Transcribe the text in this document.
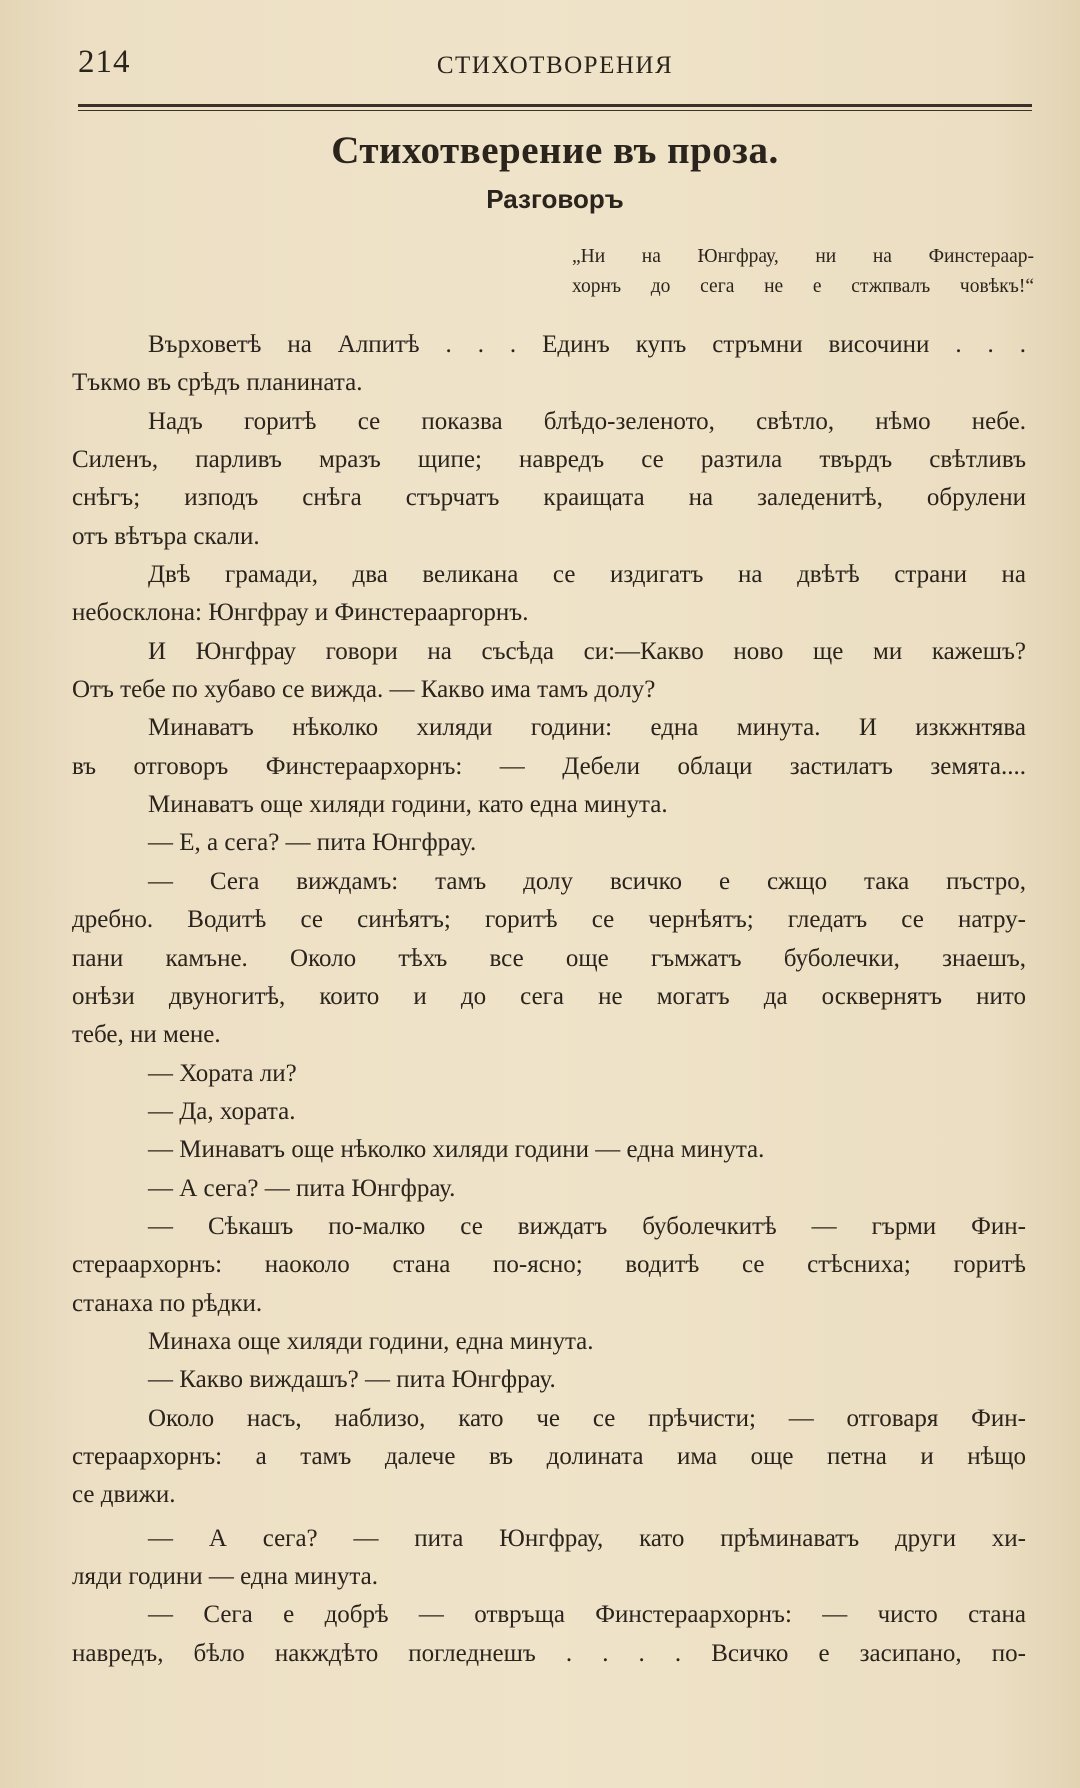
214	СТИХОТВОРЕНИЯ
Стихотверение въ проза.
Разговоръ
„Ни на Юнгфрау, ни на Финстераар-
хорнъ до сега не е стжпвалъ човѣкъ!“
Върховетѣ на Алпитѣ . . . Единъ купъ стръмни височини . . .
Тъкмо въ срѣдъ планината.
Надъ горитѣ се показва блѣдо-зеленото, свѣтло, нѣмо небе.
Силенъ, парливъ мразъ щипе; навредъ се разтила твърдъ свѣтливъ
снѣгъ; изподъ снѣга стърчатъ краищата на заледенитѣ, обрулени
отъ вѣтъра скали.
Двѣ грамади, два великана се издигатъ на двѣтѣ страни на
небосклона: Юнгфрау и Финстерааргорнъ.
И Юнгфрау говори на съсѣда си:—Какво ново ще ми кажешъ?
Отъ тебе по хубаво се вижда. — Какво има тамъ долу?
Минаватъ нѣколко хиляди години: една минута. И изкжнтява
въ отговоръ Финстераархорнъ: — Дебели облаци застилатъ земята....
Минаватъ още хиляди години, като една минута.
— Е, а сега? — пита Юнгфрау.
— Сега виждамъ: тамъ долу всичко е сжщо така пъстро,
дребно. Водитѣ се синѣятъ; горитѣ се чернѣятъ; гледатъ се натру-
пани камъне. Около тѣхъ все още гъмжатъ буболечки, знаешъ,
онѣзи двуногитѣ, които и до сега не могатъ да осквернятъ нито
тебе, ни мене.
— Хората ли?
— Да, хората.
— Минаватъ още нѣколко хиляди години — една минута.
— А сега? — пита Юнгфрау.
— Сѣкашъ по-малко се виждатъ буболечкитѣ — гърми Фин-
стераархорнъ: наоколо стана по-ясно; водитѣ се стѣсниха; горитѣ
станаха по рѣдки.
Минаха още хиляди години, една минута.
— Какво виждашъ? — пита Юнгфрау.
Около насъ, наблизо, като че се прѣчисти; — отговаря Фин-
стераархорнъ: а тамъ далече въ долината има още петна и нѣщо
се движи.
— А сега? — пита Юнгфрау, като прѣминаватъ други хи-
ляди години — една минута.
— Сега е добрѣ — отвръща Финстераархорнъ: — чисто стана
навредъ, бѣло накждѣто погледнешъ . . . . Всичко е засипано, по-
